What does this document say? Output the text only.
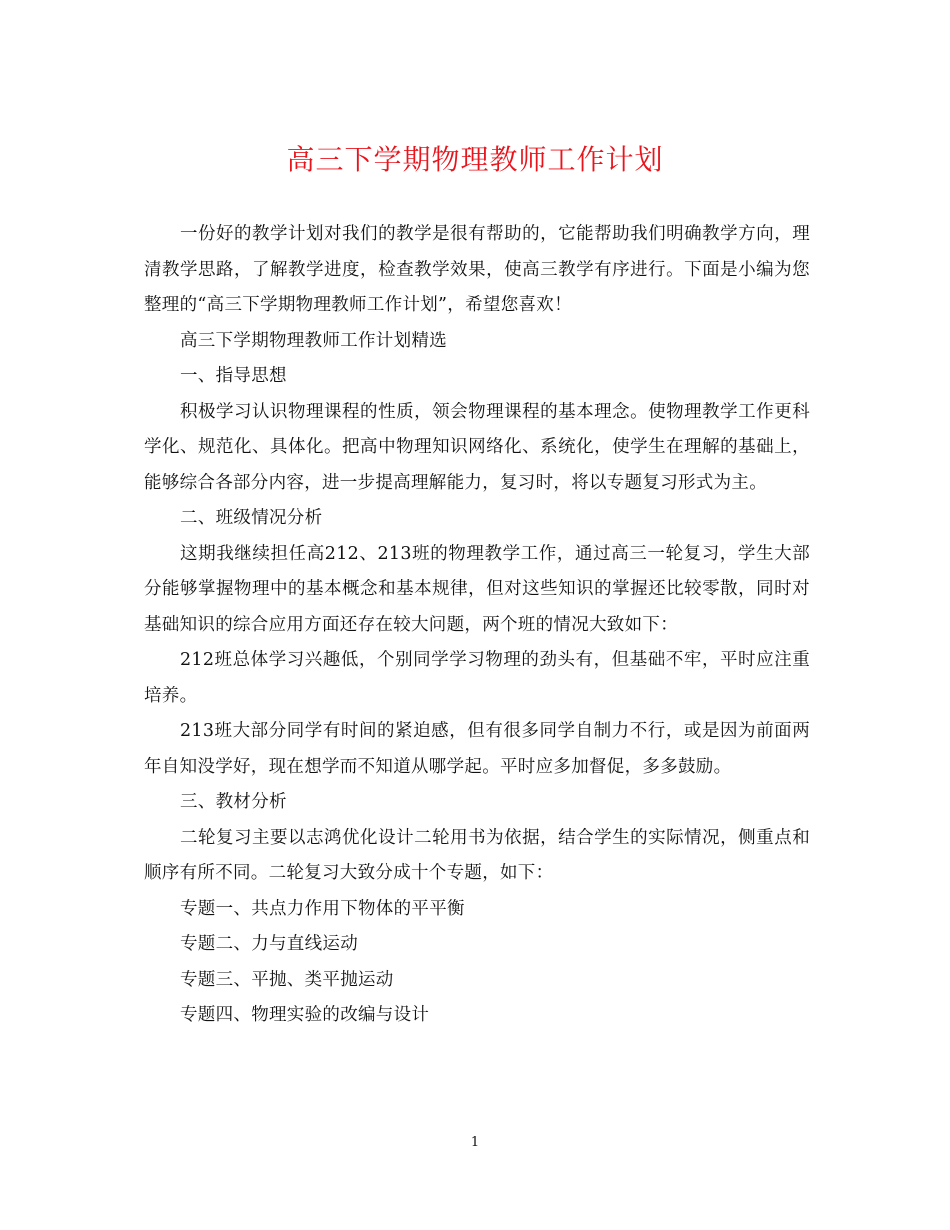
高三下学期物理教师工作计划

一份好的教学计划对我们的教学是很有帮助的，它能帮助我们明确教学方向，理清教学思路，了解教学进度，检查教学效果，使高三教学有序进行。下面是小编为您整理的“高三下学期物理教师工作计划”，希望您喜欢！

高三下学期物理教师工作计划精选

一、指导思想

积极学习认识物理课程的性质，领会物理课程的基本理念。使物理教学工作更科学化、规范化、具体化。把高中物理知识网络化、系统化，使学生在理解的基础上，能够综合各部分内容，进一步提高理解能力，复习时，将以专题复习形式为主。

二、班级情况分析

这期我继续担任高212、213班的物理教学工作，通过高三一轮复习，学生大部分能够掌握物理中的基本概念和基本规律，但对这些知识的掌握还比较零散，同时对基础知识的综合应用方面还存在较大问题，两个班的情况大致如下：

212班总体学习兴趣低，个别同学学习物理的劲头有，但基础不牢，平时应注重培养。

213班大部分同学有时间的紧迫感，但有很多同学自制力不行，或是因为前面两年自知没学好，现在想学而不知道从哪学起。平时应多加督促，多多鼓励。

三、教材分析

二轮复习主要以志鸿优化设计二轮用书为依据，结合学生的实际情况，侧重点和顺序有所不同。二轮复习大致分成十个专题，如下：

专题一、共点力作用下物体的平平衡

专题二、力与直线运动

专题三、平抛、类平抛运动

专题四、物理实验的改编与设计

1
